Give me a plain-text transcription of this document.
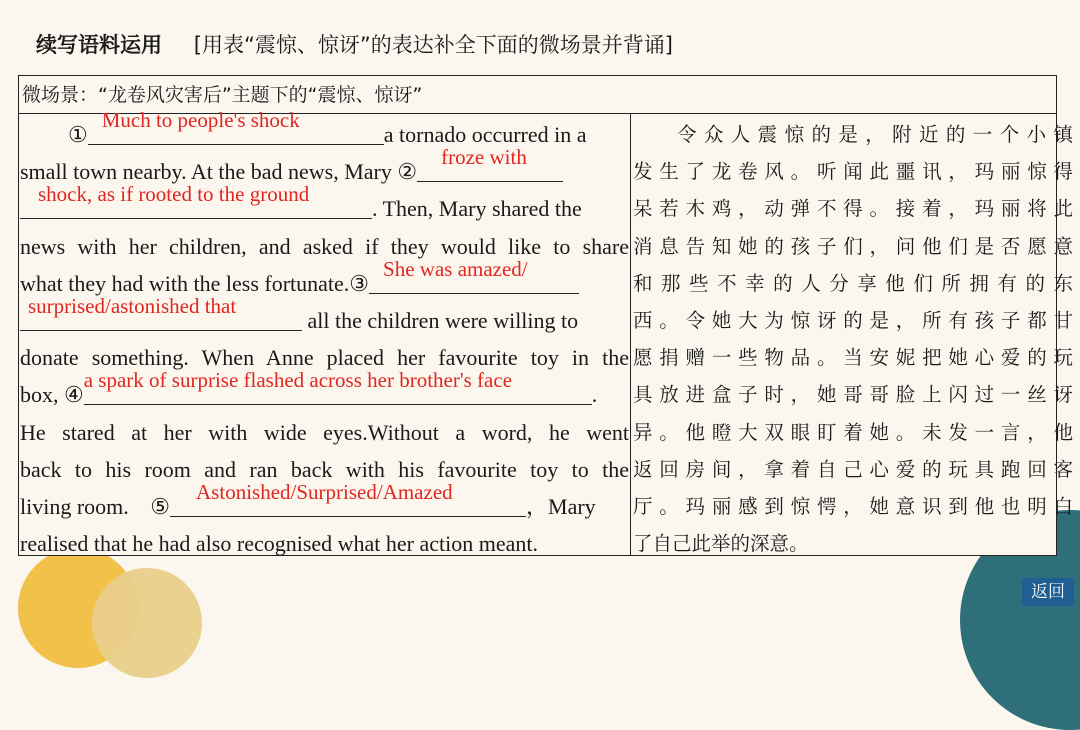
续写语料运用 [用表“震惊、惊讶”的表达补全下面的微场景并背诵]
微场景：“龙卷风灾害后”主题下的“震惊、惊讶”
①
Much to people's shock
a tornado occurred in a
small town nearby. At the bad news, Mary ②
froze with
shock, as if rooted to the ground
. Then, Mary shared the
news with her children, and asked if they would like to share
what they had with the less fortunate.③
She was amazed/
surprised/astonished that
all the children were willing to
donate something. When Anne placed her favourite toy in the
box, ④
a spark of surprise flashed across her brother's face
.
He stared at her with wide eyes.Without a word, he went
back to his room and ran back with his favourite toy to the
living room. ⑤
Astonished/Surprised/Amazed
，Mary
realised that he had also recognised what her action meant.
令众人震惊的是，附近的一个小镇
发生了龙卷风。听闻此噩讯，玛丽惊得
呆若木鸡，动弹不得。接着，玛丽将此
消息告知她的孩子们，问他们是否愿意
和那些不幸的人分享他们所拥有的东
西。令她大为惊讶的是，所有孩子都甘
愿捐赠一些物品。当安妮把她心爱的玩
具放进盒子时，她哥哥脸上闪过一丝讶
异。他瞪大双眼盯着她。未发一言，他
返回房间，拿着自己心爱的玩具跑回客
厅。玛丽感到惊愕，她意识到他也明白
了自己此举的深意。
返回
